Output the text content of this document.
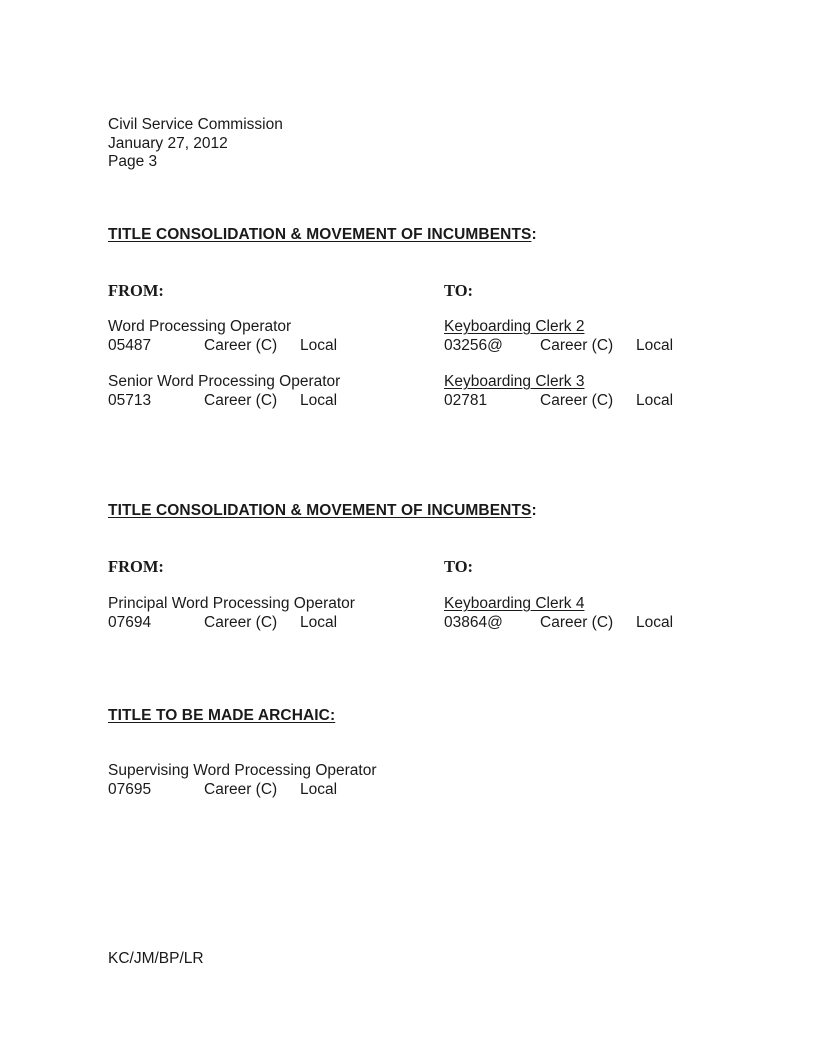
Civil Service Commission
January 27, 2012
Page 3
TITLE CONSOLIDATION & MOVEMENT OF INCUMBENTS:
FROM:	TO:
Word Processing Operator
05487	Career (C) Local
Keyboarding Clerk 2
03256@ Career (C) Local
Senior Word Processing Operator
05713	Career (C) Local
Keyboarding Clerk 3
02781	Career (C) Local
TITLE CONSOLIDATION & MOVEMENT OF INCUMBENTS:
FROM:	TO:
Principal Word Processing Operator
07694	Career (C) Local
Keyboarding Clerk 4
03864@ Career (C) Local
TITLE TO BE MADE ARCHAIC:
Supervising Word Processing Operator
07695	Career (C) Local
KC/JM/BP/LR
